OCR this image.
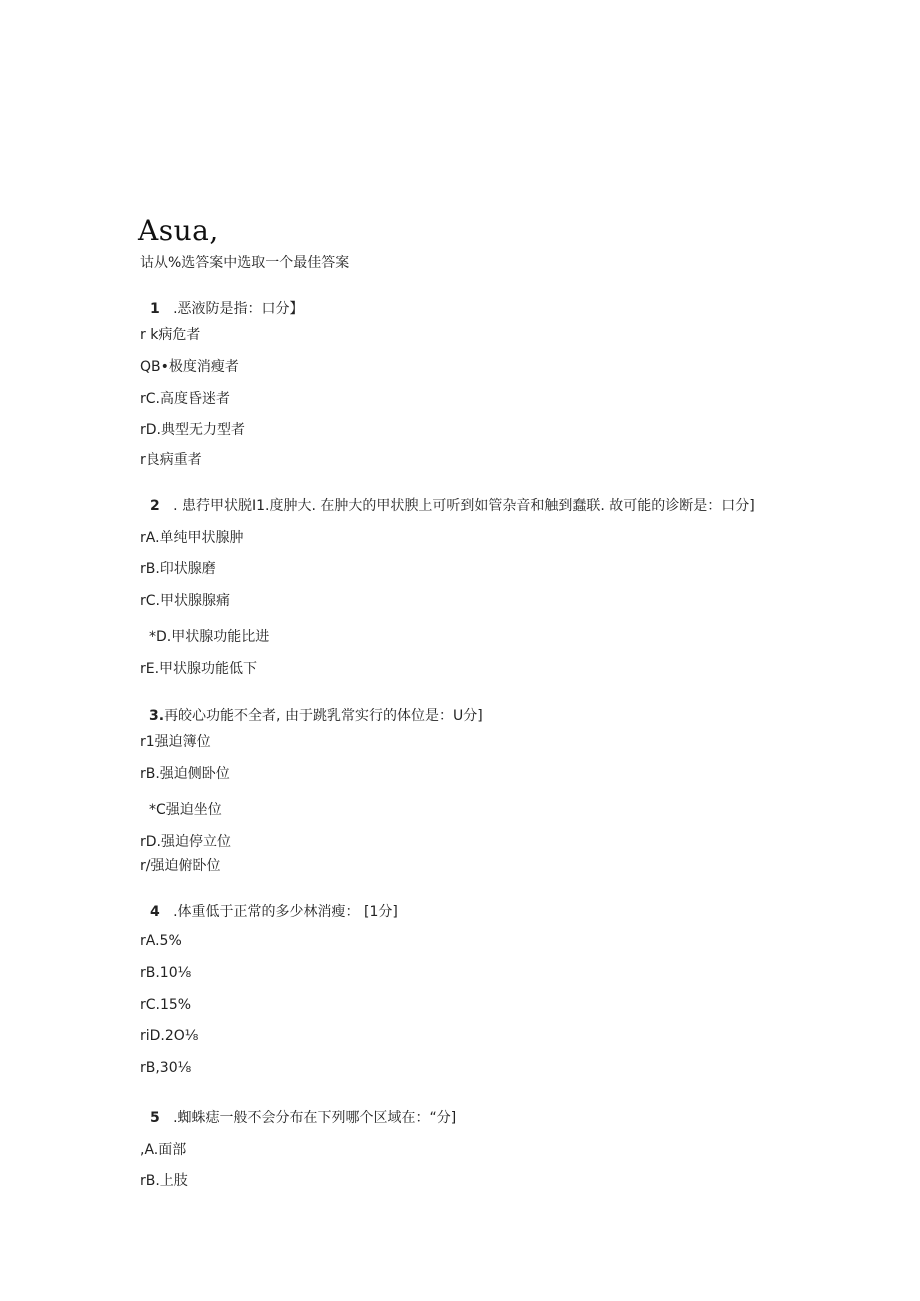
Asua,
诂从%选答案中选取一个最佳答案
1 .恶液防是指：口分】
r k病危者
QB•极度消瘦者
rC.高度昏迷者
rD.典型无力型者
r良病重者
2 . 患荇甲状脱I1.度肿大. 在肿大的甲状腴上可听到如管杂音和触到蠢联. 故可能的诊断是：口分]
rA.单纯甲状腺肿
rB.印状腺磨
rC.甲状腺腺痛
*D.甲状腺功能比进
rE.甲状腺功能低下
3.再皎心功能不全者, 由于跳乳常实行的体位是：U分]
r1强迫簿位
rB.强迫侧卧位
*C强迫坐位
rD.强迫停立位
r/强迫俯卧位
4 .体重低于正常的多少林消瘦： [1分]
rA.5%
rB.10⅛
rC.15%
riD.2O⅛
rB,30⅛
5 .蜘蛛痣一般不会分布在下列哪个区域在：“分]
,A.面部
rB.上肢
